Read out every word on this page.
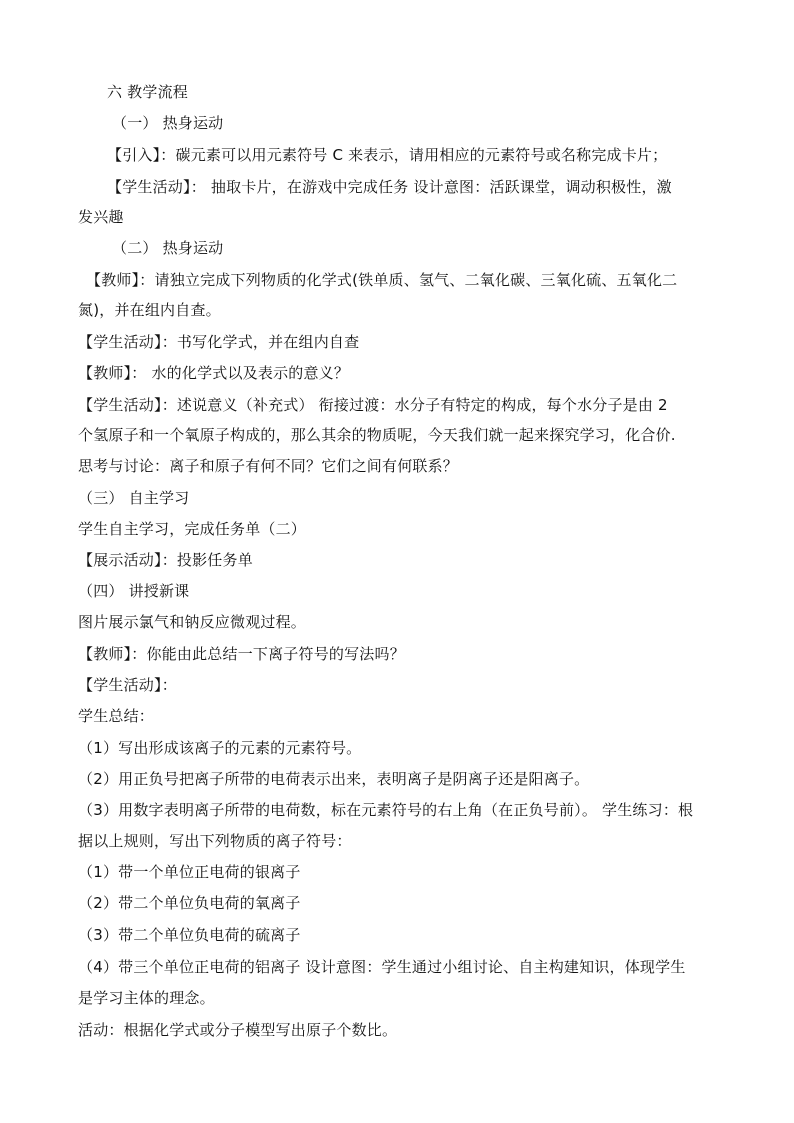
六 教学流程
（一） 热身运动
【引入】：碳元素可以用元素符号 C 来表示，请用相应的元素符号或名称完成卡片；
【学生活动】： 抽取卡片，在游戏中完成任务 设计意图：活跃课堂，调动积极性，激
发兴趣
（二） 热身运动
【教师】：请独立完成下列物质的化学式(铁单质、氢气、二氧化碳、三氧化硫、五氧化二
氮)，并在组内自查。
【学生活动】：书写化学式，并在组内自查
【教师】： 水的化学式以及表示的意义？
【学生活动】：述说意义（补充式） 衔接过渡：水分子有特定的构成，每个水分子是由 2
个氢原子和一个氧原子构成的，那么其余的物质呢，今天我们就一起来探究学习，化合价.
思考与讨论：离子和原子有何不同？它们之间有何联系？
（三） 自主学习
学生自主学习，完成任务单（二）
【展示活动】：投影任务单
（四） 讲授新课
图片展示氯气和钠反应微观过程。
【教师】：你能由此总结一下离子符号的写法吗？
【学生活动】：
学生总结：
（1）写出形成该离子的元素的元素符号。
（2）用正负号把离子所带的电荷表示出来，表明离子是阴离子还是阳离子。
（3）用数字表明离子所带的电荷数，标在元素符号的右上角（在正负号前）。 学生练习：根
据以上规则，写出下列物质的离子符号：
（1）带一个单位正电荷的银离子
（2）带二个单位负电荷的氧离子
（3）带二个单位负电荷的硫离子
（4）带三个单位正电荷的铝离子 设计意图：学生通过小组讨论、自主构建知识，体现学生
是学习主体的理念。
活动：根据化学式或分子模型写出原子个数比。
